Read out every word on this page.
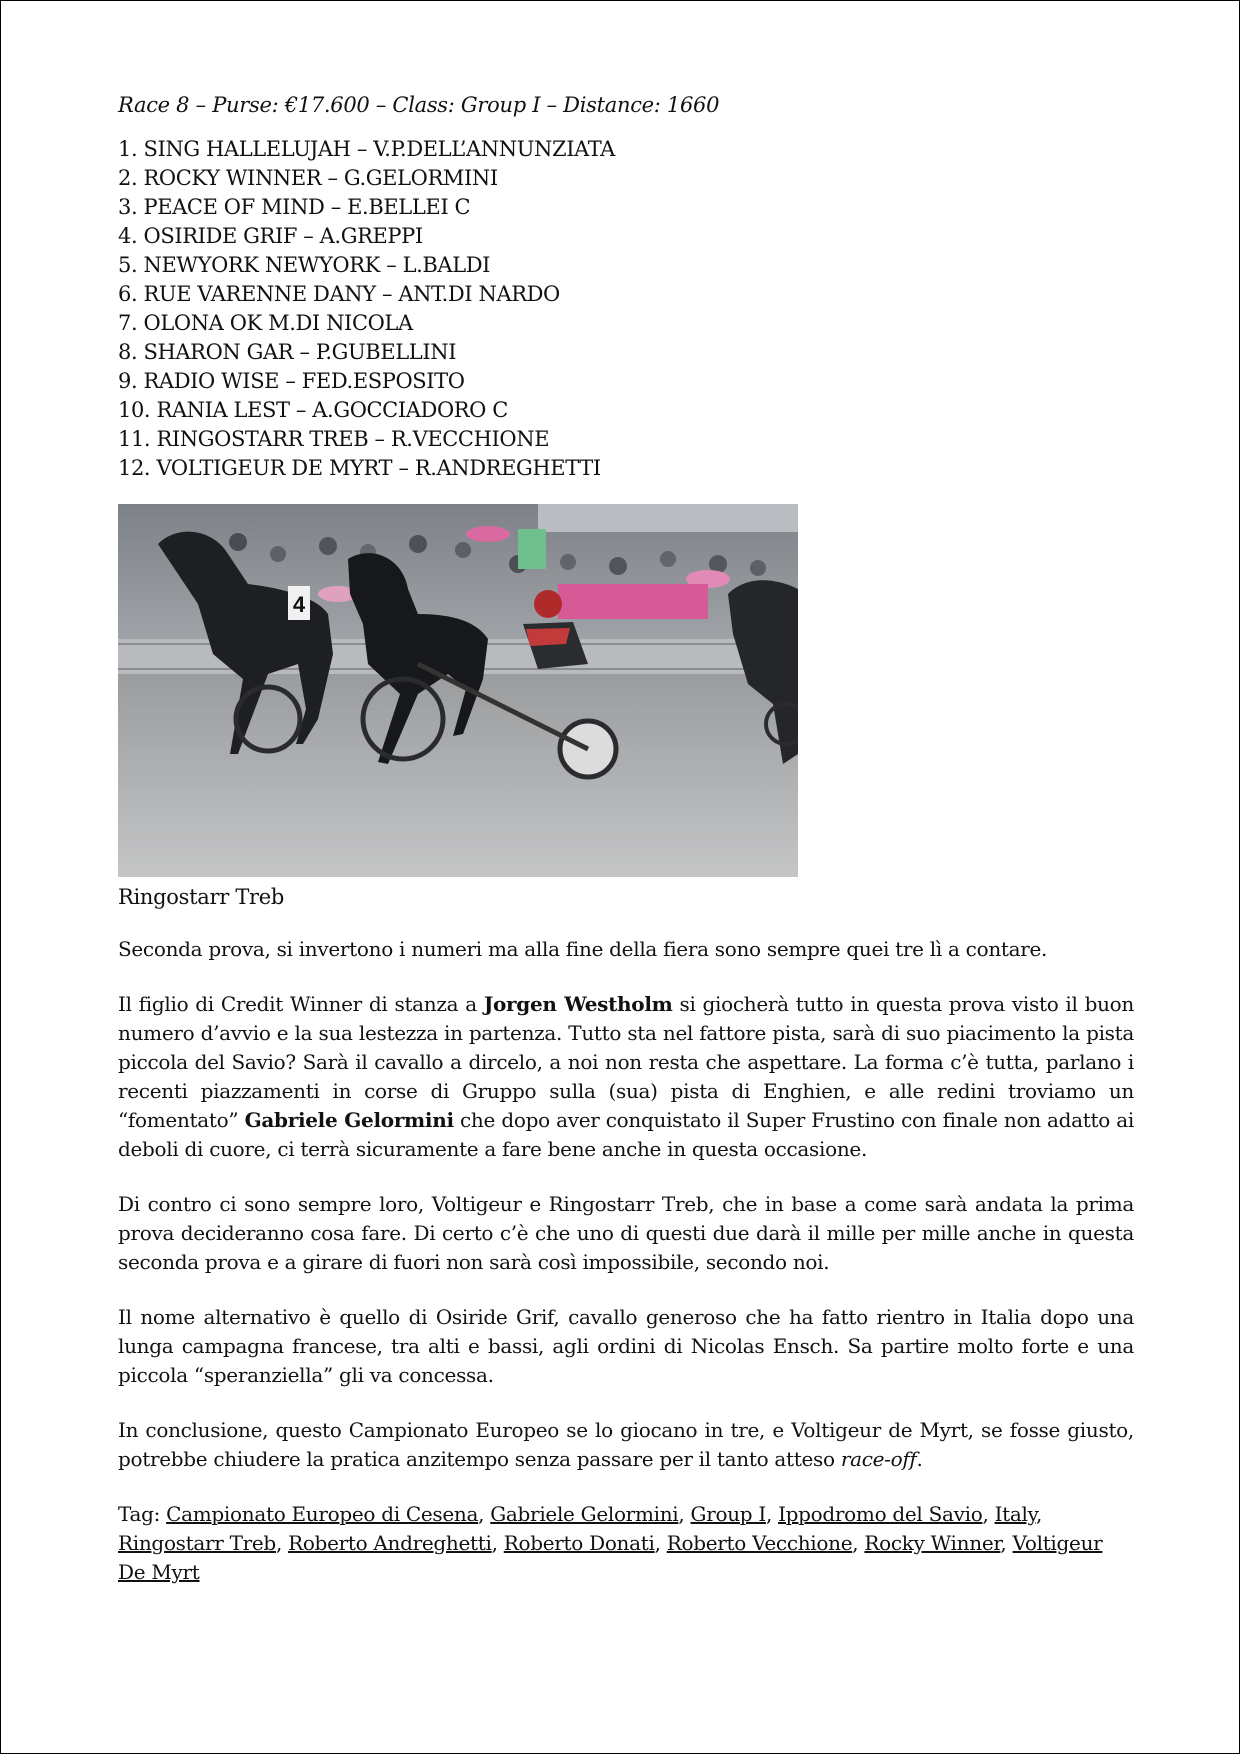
Race 8 – Purse: €17.600 – Class: Group I – Distance: 1660
1. SING HALLELUJAH – V.P.DELL’ANNUNZIATA
2. ROCKY WINNER – G.GELORMINI
3. PEACE OF MIND – E.BELLEI C
4. OSIRIDE GRIF – A.GREPPI
5. NEWYORK NEWYORK – L.BALDI
6. RUE VARENNE DANY – ANT.DI NARDO
7. OLONA OK M.DI NICOLA
8. SHARON GAR – P.GUBELLINI
9. RADIO WISE – FED.ESPOSITO
10. RANIA LEST – A.GOCCIADORO C
11. RINGOSTARR TREB – R.VECCHIONE
12. VOLTIGEUR DE MYRT – R.ANDREGHETTI
4
Ringostarr Treb

Seconda prova, si invertono i numeri ma alla fine della fiera sono sempre quei tre lì a contare.

Il figlio di Credit Winner di stanza a Jorgen Westholm si giocherà tutto in questa prova visto il buon numero d’avvio e la sua lestezza in partenza. Tutto sta nel fattore pista, sarà di suo piacimento la pista piccola del Savio? Sarà il cavallo a dircelo, a noi non resta che aspettare. La forma c’è tutta, parlano i recenti piazzamenti in corse di Gruppo sulla (sua) pista di Enghien, e alle redini troviamo un “fomentato” Gabriele Gelormini che dopo aver conquistato il Super Frustino con finale non adatto ai deboli di cuore, ci terrà sicuramente a fare bene anche in questa occasione.

Di contro ci sono sempre loro, Voltigeur e Ringostarr Treb, che in base a come sarà andata la prima prova decideranno cosa fare. Di certo c’è che uno di questi due darà il mille per mille anche in questa seconda prova e a girare di fuori non sarà così impossibile, secondo noi.

Il nome alternativo è quello di Osiride Grif, cavallo generoso che ha fatto rientro in Italia dopo una lunga campagna francese, tra alti e bassi, agli ordini di Nicolas Ensch. Sa partire molto forte e una piccola “speranziella” gli va concessa.

In conclusione, questo Campionato Europeo se lo giocano in tre, e Voltigeur de Myrt, se fosse giusto, potrebbe chiudere la pratica anzitempo senza passare per il tanto atteso race-off.

Tag: Campionato Europeo di Cesena, Gabriele Gelormini, Group I, Ippodromo del Savio, Italy, Ringostarr Treb, Roberto Andreghetti, Roberto Donati, Roberto Vecchione, Rocky Winner, Voltigeur De Myrt
